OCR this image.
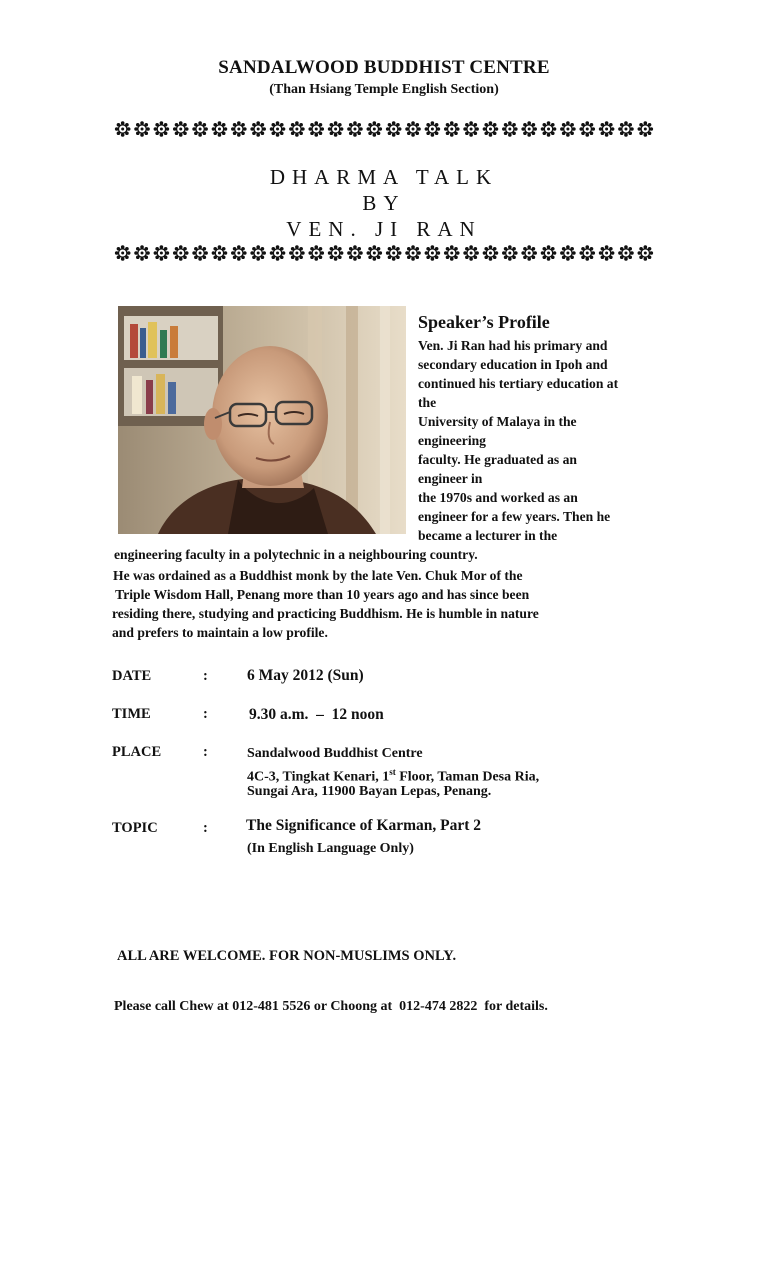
SANDALWOOD BUDDHIST CENTRE
(Than Hsiang Temple English Section)
DHARMA TALK
BY
VEN. JI RAN
Speaker’s Profile
Ven. Ji Ran had his primary and
secondary education in Ipoh and
continued his tertiary education at
the
University of Malaya in the
engineering
faculty. He graduated as an
engineer in
the 1970s and worked as an
engineer for a few years. Then he
became a lecturer in the
engineering faculty in a polytechnic in a neighbouring country.
He was ordained as a Buddhist monk by the late Ven. Chuk Mor of the
Triple Wisdom Hall, Penang more than 10 years ago and has since been
residing there, studying and practicing Buddhism. He is humble in nature
and prefers to maintain a low profile.
DATE	:	6 May 2012 (Sun)
TIME	:	9.30 a.m.  –  12 noon
PLACE	:	Sandalwood Buddhist Centre
4C-3, Tingkat Kenari, 1st Floor, Taman Desa Ria,
Sungai Ara, 11900 Bayan Lepas, Penang.
TOPIC	: The Significance of Karman, Part 2
(In English Language Only)
ALL ARE WELCOME. FOR NON-MUSLIMS ONLY.
Please call Chew at 012-481 5526 or Choong at  012-474 2822  for details.
